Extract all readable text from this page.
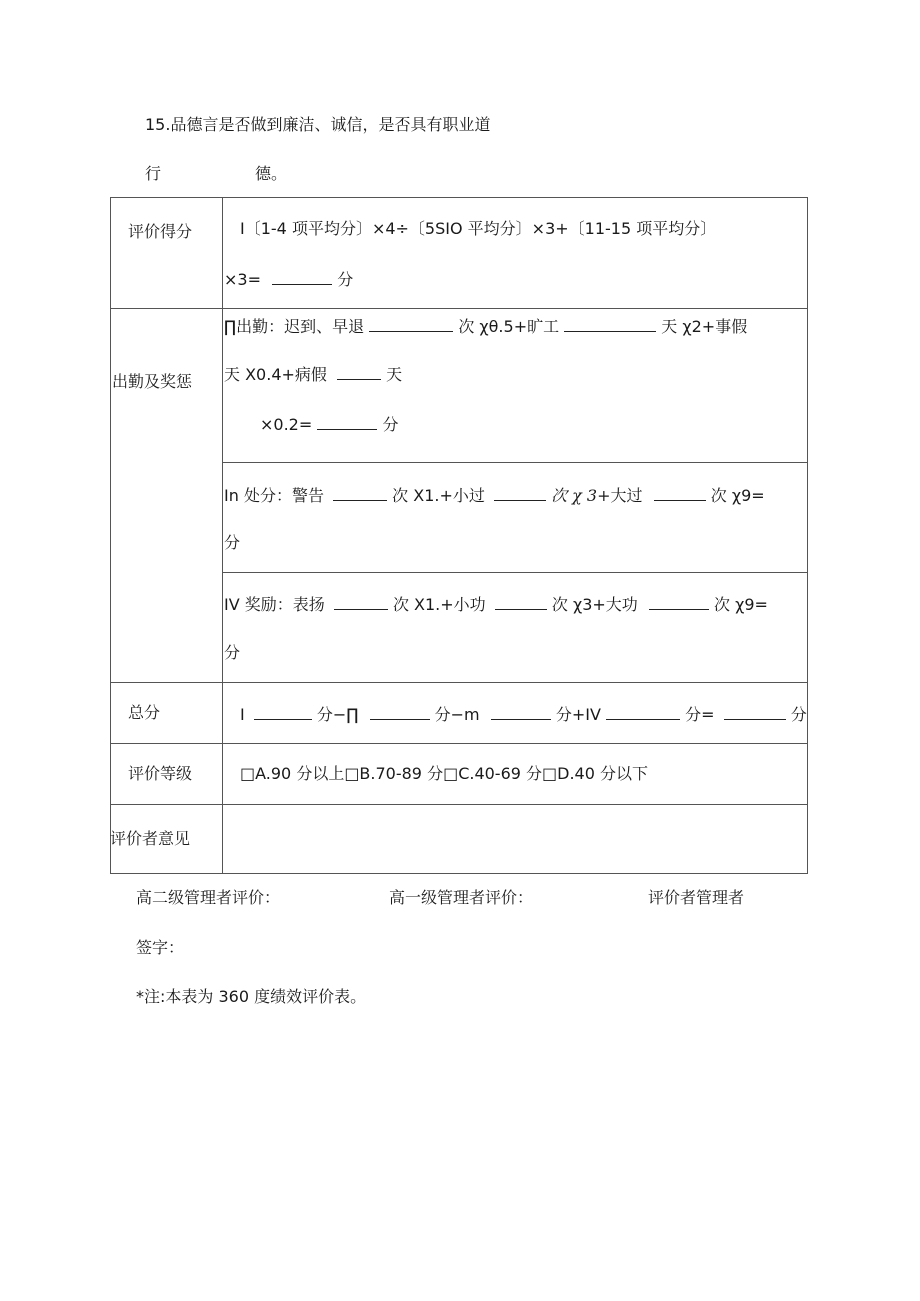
15.品德言是否做到廉洁、诚信，是否具有职业道
行	德。
评价得分	I〔1-4 项平均分〕×4÷〔5SIO 平均分〕×3+〔11-15 项平均分〕
×3=	分
出勤及奖惩
∏出勤：迟到、早退	次 χθ.5+旷工	天 χ2+事假
天 X0.4+病假	天
×0.2=	分
In 处分：警告	次 X1.+小过	次 χ 3+大过	次 χ9=
分
IV 奖励：表扬	次 X1.+小功	次 χ3+大功	次 χ9=
分
总分	I	分−∏	分−m	分+IV	分=	分
评价等级	□A.90 分以上□B.70-89 分□C.40-69 分□D.40 分以下
评价者意见
高二级管理者评价：	高一级管理者评价：	评价者管理者
签字：
*注:本表为 360 度绩效评价表。
